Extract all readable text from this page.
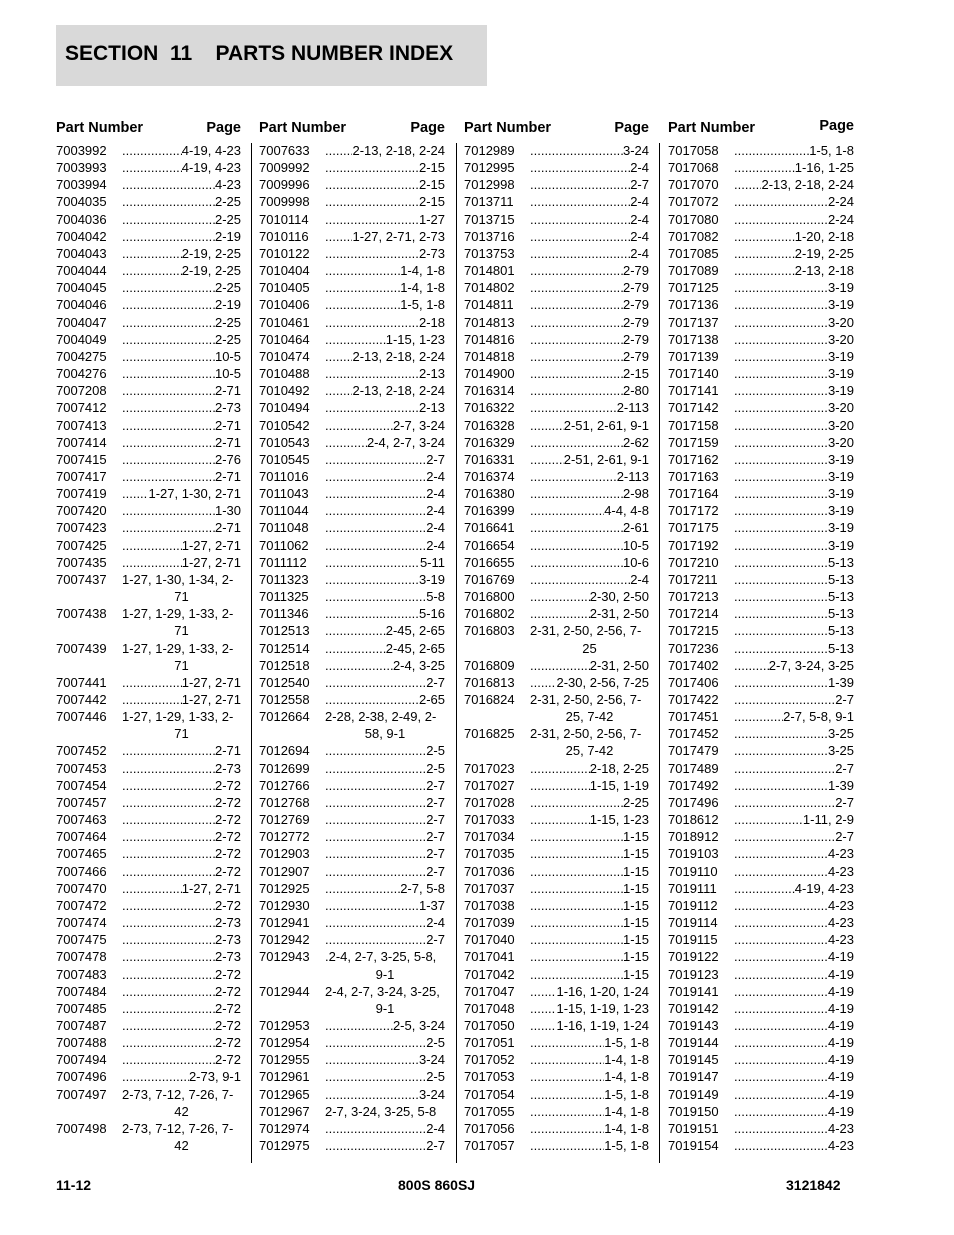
SECTION  11    PARTS NUMBER INDEX
Part Number	Page
7003992 .....	4-19, 4-23
7003993 .....	4-19, 4-23
7003994 .....	4-23
7004035 .....	2-25
7004036 .....	2-25
7004042 .....	2-19
7004043 .....	2-19, 2-25
7004044 .....	2-19, 2-25
7004045 .....	2-25
7004046 .....	2-19
7004047 .....	2-25
7004049 .....	2-25
7004275 .....	10-5
7004276 .....	10-5
7007208 .....	2-71
7007412 .....	2-73
7007413 .....	2-71
7007414 .....	2-71
7007415 .....	2-76
7007417 .....	2-71
7007419 .....	1-27, 1-30, 2-71
7007420 .....	1-30
7007423 .....	2-71
7007425 .....	1-27, 2-71
7007435 .....	1-27, 2-71
7007437 1-27, 1-30, 1-34, 2-
71
7007438 1-27, 1-29, 1-33, 2-
71
7007439 1-27, 1-29, 1-33, 2-
71
7007441 .....	1-27, 2-71
7007442 .....	1-27, 2-71
7007446 1-27, 1-29, 1-33, 2-
71
7007452 .....	2-71
7007453 .....	2-73
7007454 .....	2-72
7007457 .....	2-72
7007463 .....	2-72
7007464 .....	2-72
7007465 .....	2-72
7007466 .....	2-72
7007470 .....	1-27, 2-71
7007472 .....	2-72
7007474 .....	2-73
7007475 .....	2-73
7007478 .....	2-73
7007483 .....	2-72
7007484 .....	2-72
7007485 .....	2-72
7007487 .....	2-72
7007488 .....	2-72
7007494 .....	2-72
7007496 .....	2-73, 9-1
7007497 2-73, 7-12, 7-26, 7-
42
7007498 2-73, 7-12, 7-26, 7-
42
Part Number	Page
7007633 .....	2-13, 2-18, 2-24
7009992 .....	2-15
7009996 .....	2-15
7009998 .....	2-15
7010114 .....	1-27
7010116 .....	1-27, 2-71, 2-73
7010122 .....	2-73
7010404 .....	1-4, 1-8
7010405 .....	1-4, 1-8
7010406 .....	1-5, 1-8
7010461 .....	2-18
7010464 .....	1-15, 1-23
7010474 .....	2-13, 2-18, 2-24
7010488 .....	2-13
7010492 .....	2-13, 2-18, 2-24
7010494 .....	2-13
7010542 .....	2-7, 3-24
7010543 .....	2-4, 2-7, 3-24
7010545 .....	2-7
7011016 .....	2-4
7011043 .....	2-4
7011044 .....	2-4
7011048 .....	2-4
7011062 .....	2-4
7011112 .....	5-11
7011323 .....	3-19
7011325 .....	5-8
7011346 .....	5-16
7012513 .....	2-45, 2-65
7012514 .....	2-45, 2-65
7012518 .....	2-4, 3-25
7012540 .....	2-7
7012558 .....	2-65
7012664 2-28, 2-38, 2-49, 2-
58, 9-1
7012694 .....	2-5
7012699 .....	2-5
7012766 .....	2-7
7012768 .....	2-7
7012769 .....	2-7
7012772 .....	2-7
7012903 .....	2-7
7012907 .....	2-7
7012925 .....	2-7, 5-8
7012930 .....	1-37
7012941 .....	2-4
7012942 .....	2-7
7012943 .2-4, 2-7, 3-25, 5-8,
9-1
7012944 2-4, 2-7, 3-24, 3-25,
9-1
7012953 .....	2-5, 3-24
7012954 .....	2-5
7012955 .....	3-24
7012961 .....	2-5
7012965 .....	3-24
7012967 2-7, 3-24, 3-25, 5-8
7012974 .....	2-4
7012975 .....	2-7
Part Number	Page
7012989 .....	3-24
7012995 .....	2-4
7012998 .....	2-7
7013711 .....	2-4
7013715 .....	2-4
7013716 .....	2-4
7013753 .....	2-4
7014801 .....	2-79
7014802 .....	2-79
7014811 .....	2-79
7014813 .....	2-79
7014816 .....	2-79
7014818 .....	2-79
7014900 .....	2-15
7016314 .....	2-80
7016322 .....	2-113
7016328 .....	2-51, 2-61, 9-1
7016329 .....	2-62
7016331 .....	2-51, 2-61, 9-1
7016374 .....	2-113
7016380 .....	2-98
7016399 .....	4-4, 4-8
7016641 .....	2-61
7016654 .....	10-5
7016655 .....	10-6
7016769 .....	2-4
7016800 .....	2-30, 2-50
7016802 .....	2-31, 2-50
7016803 2-31, 2-50, 2-56, 7-
25
7016809 .....	2-31, 2-50
7016813 .....	2-30, 2-56, 7-25
7016824 2-31, 2-50, 2-56, 7-
25, 7-42
7016825 2-31, 2-50, 2-56, 7-
25, 7-42
7017023 .....	2-18, 2-25
7017027 .....	1-15, 1-19
7017028 .....	2-25
7017033 .....	1-15, 1-23
7017034 .....	1-15
7017035 .....	1-15
7017036 .....	1-15
7017037 .....	1-15
7017038 .....	1-15
7017039 .....	1-15
7017040 .....	1-15
7017041 .....	1-15
7017042 .....	1-15
7017047 .....	1-16, 1-20, 1-24
7017048 .....	1-15, 1-19, 1-23
7017050 .....	1-16, 1-19, 1-24
7017051 .....	1-5, 1-8
7017052 .....	1-4, 1-8
7017053 .....	1-4, 1-8
7017054 .....	1-5, 1-8
7017055 .....	1-4, 1-8
7017056 .....	1-4, 1-8
7017057 .....	1-5, 1-8
Part Number	Page
7017058 .....	1-5, 1-8
7017068 .....	1-16, 1-25
7017070 .....	2-13, 2-18, 2-24
7017072 .....	2-24
7017080 .....	2-24
7017082 .....	1-20, 2-18
7017085 .....	2-19, 2-25
7017089 .....	2-13, 2-18
7017125 .....	3-19
7017136 .....	3-19
7017137 .....	3-20
7017138 .....	3-20
7017139 .....	3-19
7017140 .....	3-19
7017141 .....	3-19
7017142 .....	3-20
7017158 .....	3-20
7017159 .....	3-20
7017162 .....	3-19
7017163 .....	3-19
7017164 .....	3-19
7017172 .....	3-19
7017175 .....	3-19
7017192 .....	3-19
7017210 .....	5-13
7017211 .....	5-13
7017213 .....	5-13
7017214 .....	5-13
7017215 .....	5-13
7017236 .....	5-13
7017402 .....	2-7, 3-24, 3-25
7017406 .....	1-39
7017422 .....	2-7
7017451 .....	2-7, 5-8, 9-1
7017452 .....	3-25
7017479 .....	3-25
7017489 .....	2-7
7017492 .....	1-39
7017496 .....	2-7
7018612 .....	1-11, 2-9
7018912 .....	2-7
7019103 .....	4-23
7019110 .....	4-23
7019111 .....	4-19, 4-23
7019112 .....	4-23
7019114 .....	4-23
7019115 .....	4-23
7019122 .....	4-19
7019123 .....	4-19
7019141 .....	4-19
7019142 .....	4-19
7019143 .....	4-19
7019144 .....	4-19
7019145 .....	4-19
7019147 .....	4-19
7019149 .....	4-19
7019150 .....	4-19
7019151 .....	4-23
7019154 .....	4-23
11-12	800S 860SJ	3121842
